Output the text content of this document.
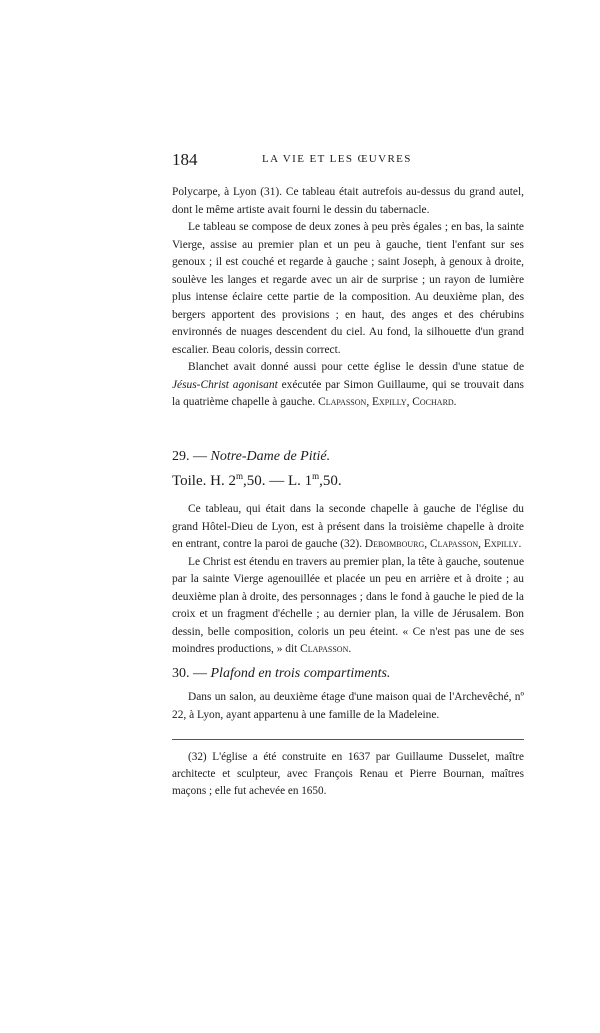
184	LA VIE ET LES ŒUVRES

Polycarpe, à Lyon (31). Ce tableau était autrefois au-dessus du grand autel, dont le même artiste avait fourni le dessin du tabernacle.

Le tableau se compose de deux zones à peu près égales ; en bas, la sainte Vierge, assise au premier plan et un peu à gauche, tient l'enfant sur ses genoux ; il est couché et regarde à gauche ; saint Joseph, à genoux à droite, soulève les langes et regarde avec un air de surprise ; un rayon de lumière plus intense éclaire cette partie de la composition. Au deuxième plan, des bergers apportent des provisions ; en haut, des anges et des chérubins environnés de nuages descendent du ciel. Au fond, la silhouette d'un grand escalier. Beau coloris, dessin correct.

Blanchet avait donné aussi pour cette église le dessin d'une statue de Jésus-Christ agonisant exécutée par Simon Guillaume, qui se trouvait dans la quatrième chapelle à gauche. Clapasson, Expilly, Cochard.

29. — Notre-Dame de Pitié.
Toile. H. 2$^m$,50. — L. 1$^m$,50.

Ce tableau, qui était dans la seconde chapelle à gauche de l'église du grand Hôtel-Dieu de Lyon, est à présent dans la troisième chapelle à droite en entrant, contre la paroi de gauche (32). Debombourg, Clapasson, Expilly.

Le Christ est étendu en travers au premier plan, la tête à gauche, soutenue par la sainte Vierge agenouillée et placée un peu en arrière et à droite ; au deuxième plan à droite, des personnages ; dans le fond à gauche le pied de la croix et un fragment d'échelle ; au dernier plan, la ville de Jérusalem. Bon dessin, belle composition, coloris un peu éteint. « Ce n'est pas une de ses moindres productions, » dit Clapasson.

30. — Plafond en trois compartiments.

Dans un salon, au deuxième étage d'une maison quai de l'Archevêché, nº 22, à Lyon, ayant appartenu à une famille de la Madeleine.

(32) L'église a été construite en 1637 par Guillaume Dusselet, maître architecte et sculpteur, avec François Renau et Pierre Bournan, maîtres maçons ; elle fut achevée en 1650.
